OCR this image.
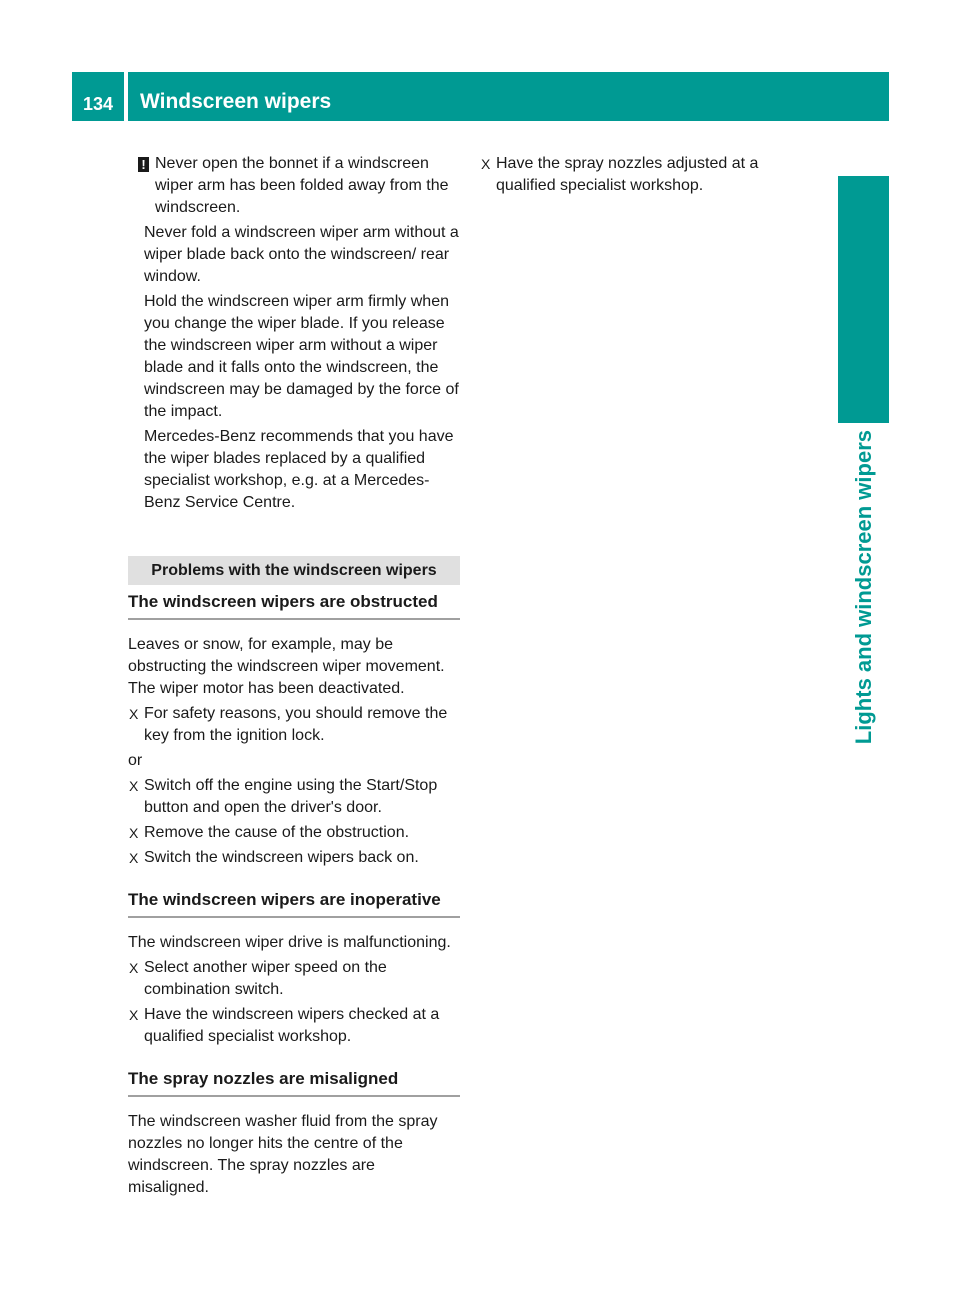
134	Windscreen wipers
Lights and windscreen wipers
! Never open the bonnet if a windscreen wiper arm has been folded away from the windscreen.

Never fold a windscreen wiper arm without a wiper blade back onto the windscreen/ rear window.

Hold the windscreen wiper arm firmly when you change the wiper blade. If you release the windscreen wiper arm without a wiper blade and it falls onto the windscreen, the windscreen may be damaged by the force of the impact.

Mercedes-Benz recommends that you have the wiper blades replaced by a qualified specialist workshop, e.g. at a Mercedes-Benz Service Centre.

Problems with the windscreen wipers
The windscreen wipers are obstructed

Leaves or snow, for example, may be obstructing the windscreen wiper movement. The wiper motor has been deactivated.

X For safety reasons, you should remove the key from the ignition lock.

or

X Switch off the engine using the Start/Stop button and open the driver's door.
X Remove the cause of the obstruction.
X Switch the windscreen wipers back on.
The windscreen wipers are inoperative

The windscreen wiper drive is malfunctioning.

X Select another wiper speed on the combination switch.
X Have the windscreen wipers checked at a qualified specialist workshop.
The spray nozzles are misaligned

The windscreen washer fluid from the spray nozzles no longer hits the centre of the windscreen. The spray nozzles are misaligned.

X Have the spray nozzles adjusted at a qualified specialist workshop.
